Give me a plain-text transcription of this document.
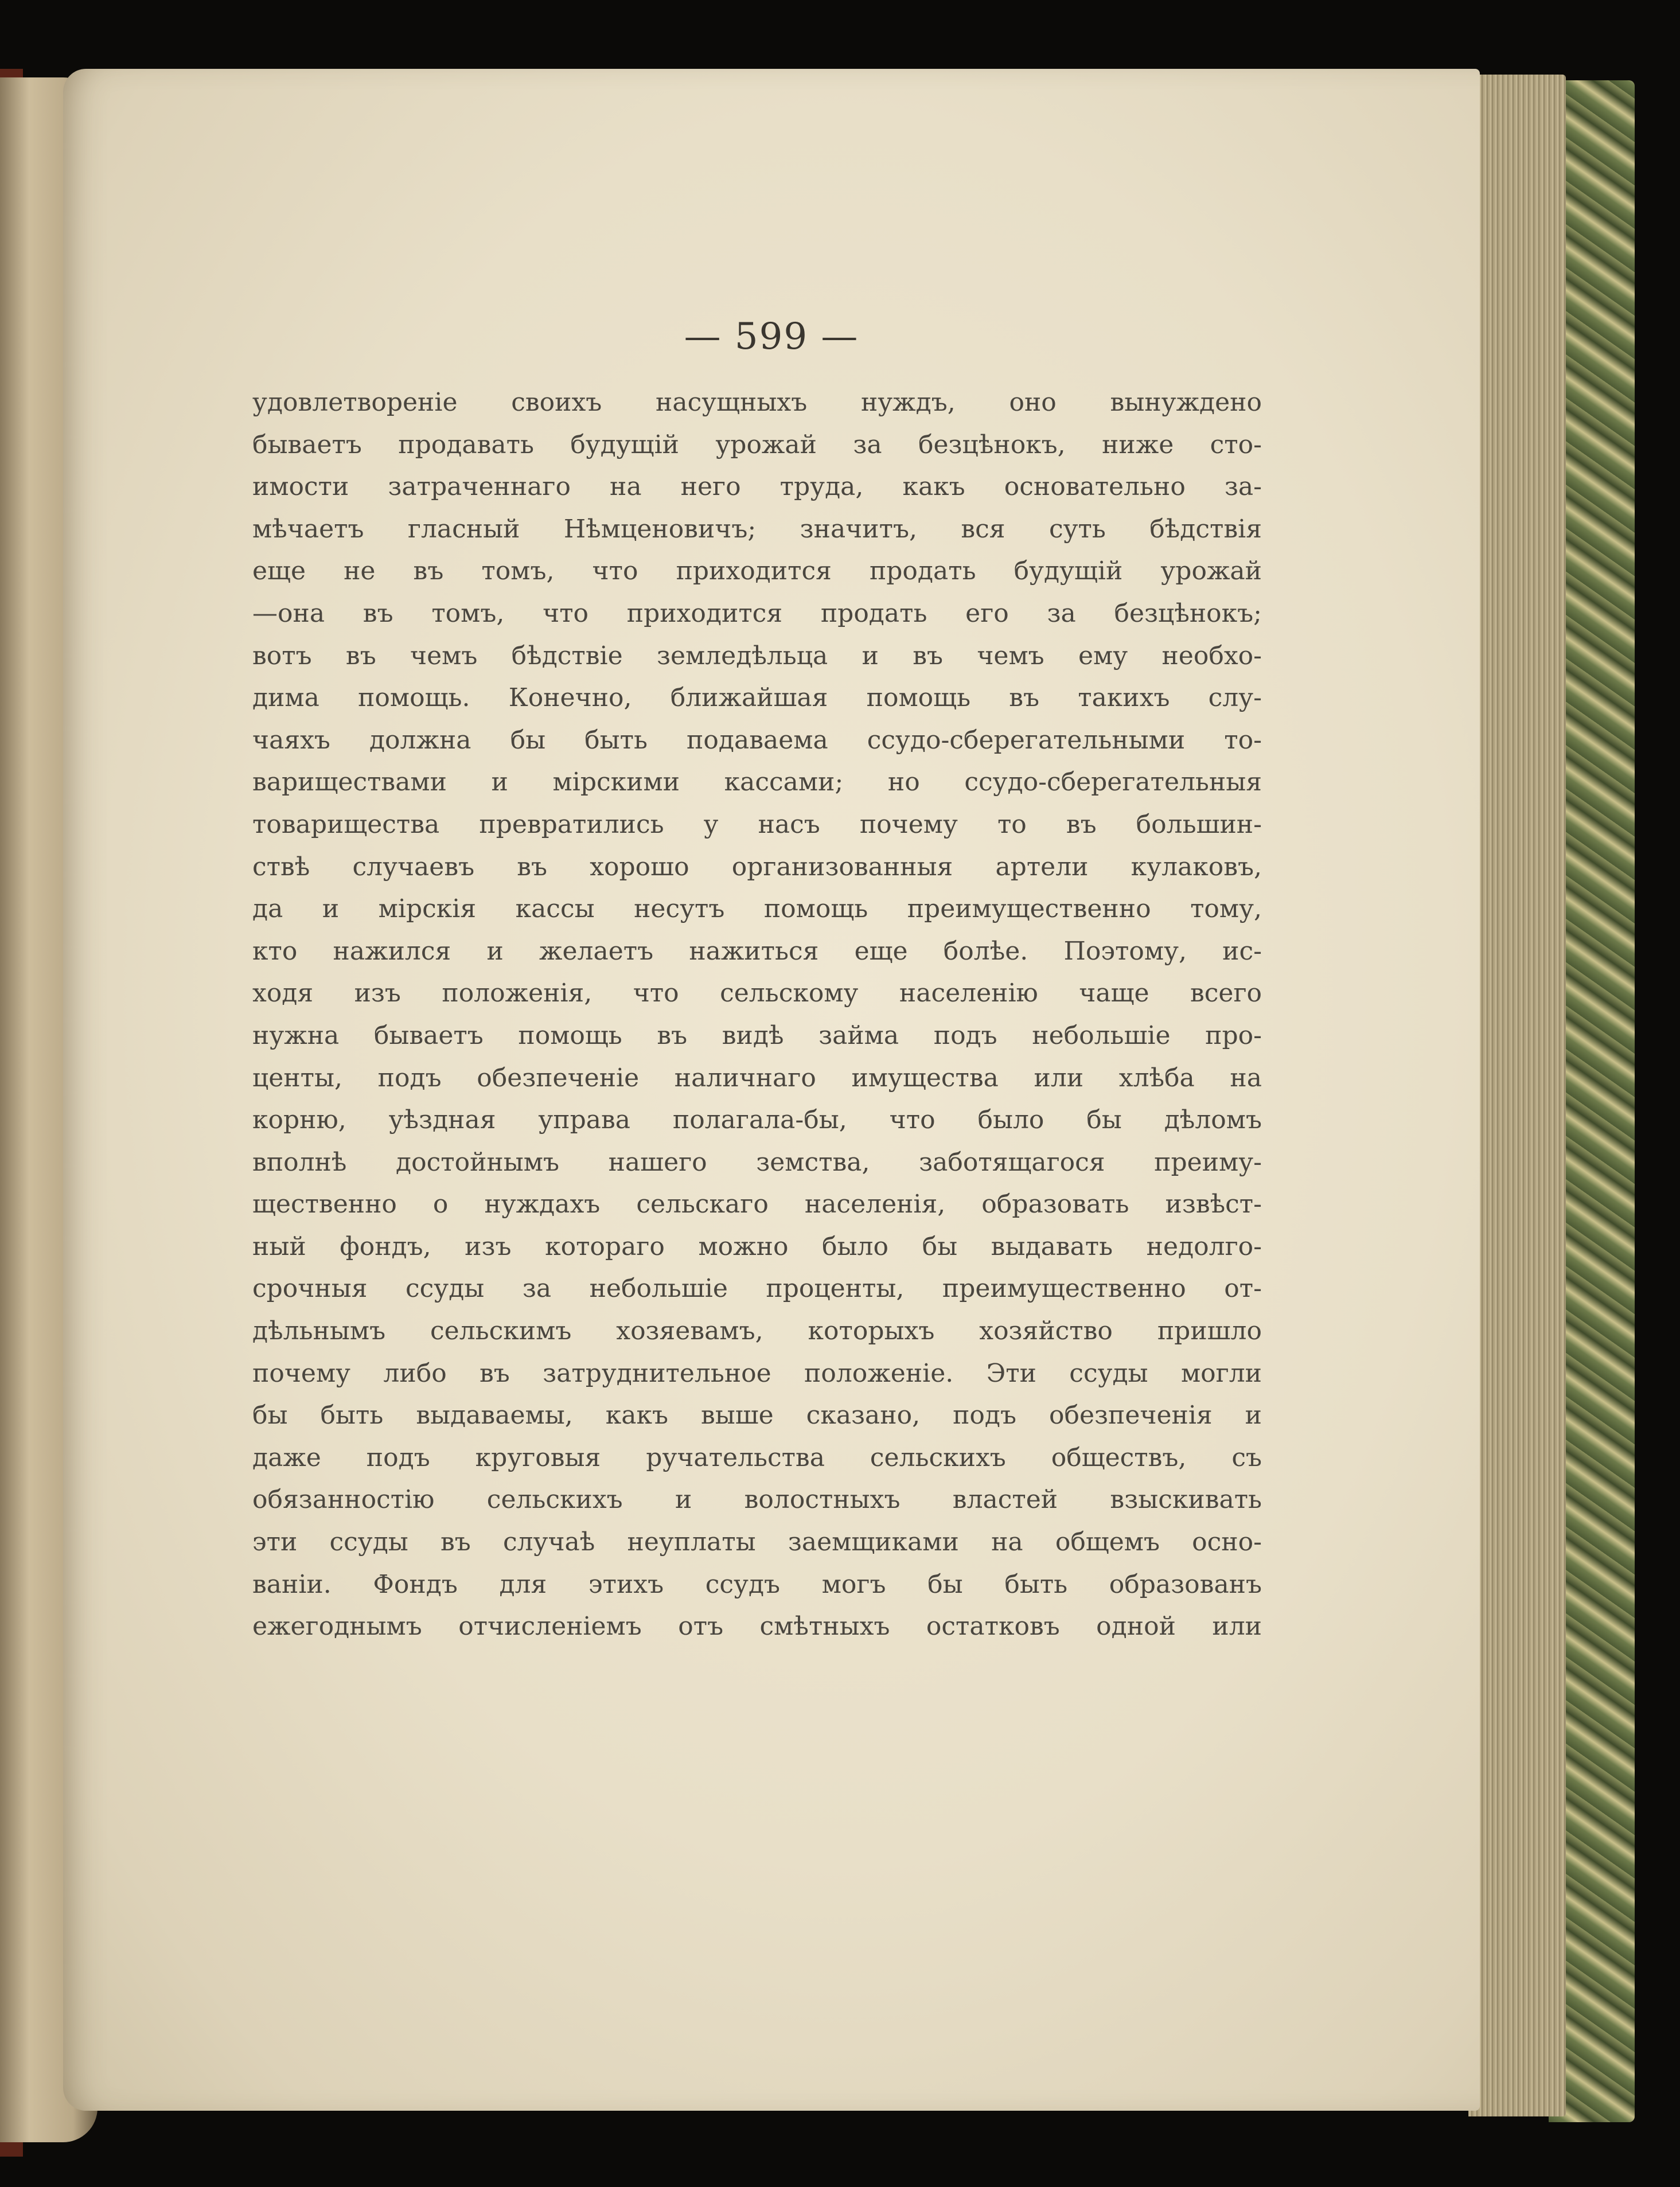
— 599 —
удовлетвореніе своихъ насущныхъ нуждъ, оно вынуждено
бываетъ продавать будущій урожай за безцѣнокъ, ниже сто-
имости затраченнаго на него труда, какъ основательно за-
мѣчаетъ гласный Нѣмценовичъ; значитъ, вся суть бѣдствія
еще не въ томъ, что приходится продать будущій урожай
—она въ томъ, что приходится продать его за безцѣнокъ;
вотъ въ чемъ бѣдствіе земледѣльца и въ чемъ ему необхо-
дима помощь. Конечно, ближайшая помощь въ такихъ слу-
чаяхъ должна бы быть подаваема ссудо-сберегательными то-
вариществами и мірскими кассами; но ссудо-сберегательныя
товарищества превратились у насъ почему то въ большин-
ствѣ случаевъ въ хорошо организованныя артели кулаковъ,
да и мірскія кассы несутъ помощь преимущественно тому,
кто нажился и желаетъ нажиться еще болѣе. Поэтому, ис-
ходя изъ положенія, что сельскому населенію чаще всего
нужна бываетъ помощь въ видѣ займа подъ небольшіе про-
центы, подъ обезпеченіе наличнаго имущества или хлѣба на
корню, уѣздная управа полагала-бы, что было бы дѣломъ
вполнѣ достойнымъ нашего земства, заботящагося преиму-
щественно о нуждахъ сельскаго населенія, образовать извѣст-
ный фондъ, изъ котораго можно было бы выдавать недолго-
срочныя ссуды за небольшіе проценты, преимущественно от-
дѣльнымъ сельскимъ хозяевамъ, которыхъ хозяйство пришло
почему либо въ затруднительное положеніе. Эти ссуды могли
бы быть выдаваемы, какъ выше сказано, подъ обезпеченія и
даже подъ круговыя ручательства сельскихъ обществъ, съ
обязанностію сельскихъ и волостныхъ властей взыскивать
эти ссуды въ случаѣ неуплаты заемщиками на общемъ осно-
ваніи. Фондъ для этихъ ссудъ могъ бы быть образованъ
ежегоднымъ отчисленіемъ отъ смѣтныхъ остатковъ одной или
